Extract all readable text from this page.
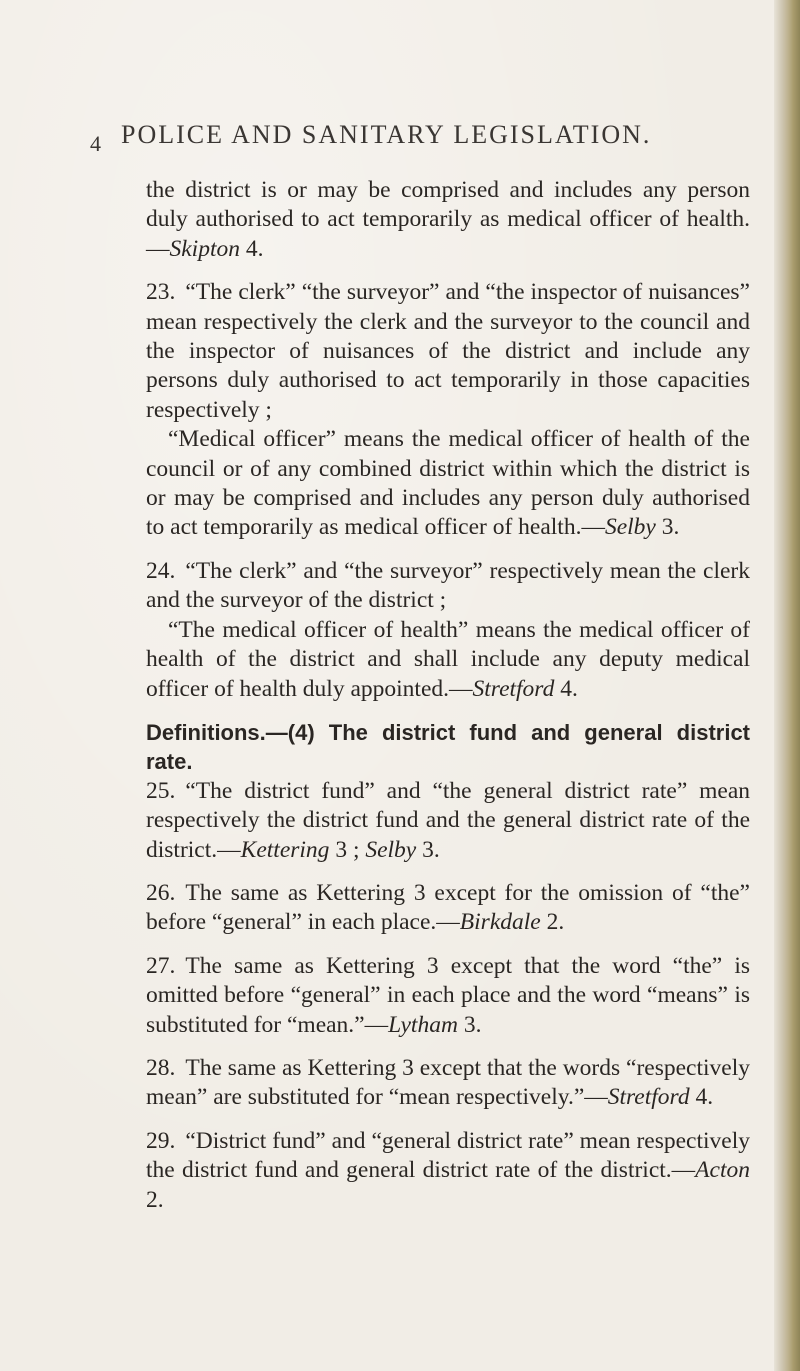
$_4$ POLICE AND SANITARY LEGISLATION.

the district is or may be comprised and includes any person duly authorised to act temporarily as medical officer of health.—Skipton 4.

23. “The clerk” “the surveyor” and “the inspector of nuisances” mean respectively the clerk and the surveyor to the council and the inspector of nuisances of the district and include any persons duly authorised to act temporarily in those capacities respectively ;

“Medical officer” means the medical officer of health of the council or of any combined district within which the district is or may be comprised and includes any person duly authorised to act temporarily as medical officer of health.—Selby 3.

24. “The clerk” and “the surveyor” respectively mean the clerk and the surveyor of the district ;

“The medical officer of health” means the medical officer of health of the district and shall include any deputy medical officer of health duly appointed.—Stretford 4.

Definitions.—(4) The district fund and general district rate.

25. “The district fund” and “the general district rate” mean respectively the district fund and the general district rate of the district.—Kettering 3 ; Selby 3.

26. The same as Kettering 3 except for the omission of “the” before “general” in each place.—Birkdale 2.

27. The same as Kettering 3 except that the word “the” is omitted before “general” in each place and the word “means” is substituted for “mean.”—Lytham 3.

28. The same as Kettering 3 except that the words “respectively mean” are substituted for “mean respectively.”—Stretford 4.

29. “District fund” and “general district rate” mean respectively the district fund and general district rate of the district.—Acton 2.
